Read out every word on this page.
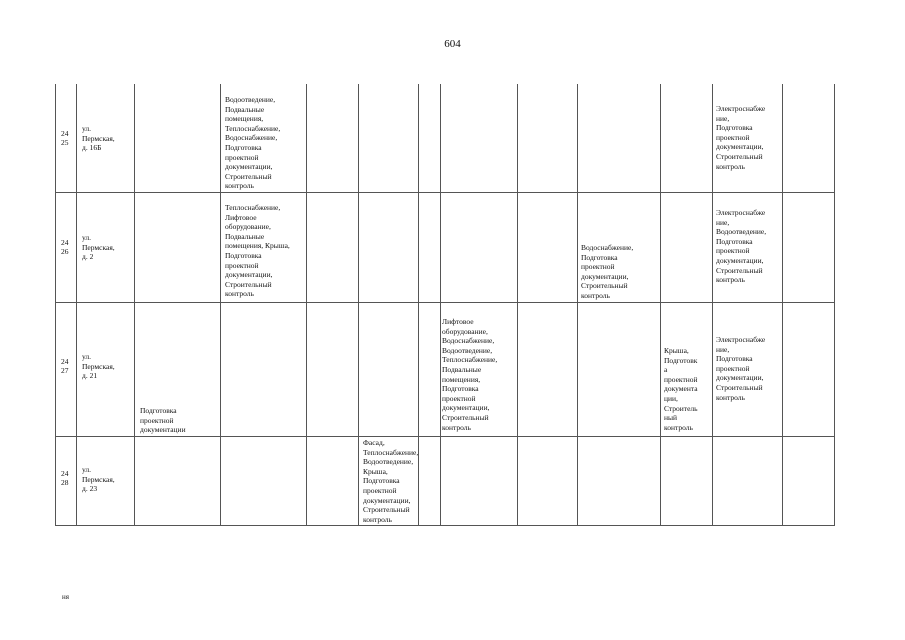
604
24
25
ул.
Пермская,
д. 16Б
Водоотведение,
Подвальные
помещения,
Теплоснабжение,
Водоснабжение,
Подготовка
проектной
документации,
Строительный
контроль
Электроснабже
ние,
Подготовка
проектной
документации,
Строительный
контроль
24
26
ул.
Пермская,
д. 2
Теплоснабжение,
Лифтовое
оборудование,
Подвальные
помещения, Крыша,
Подготовка
проектной
документации,
Строительный
контроль
Водоснабжение,
Подготовка
проектной
документации,
Строительный
контроль
Электроснабже
ние,
Водоотведение,
Подготовка
проектной
документации,
Строительный
контроль
24
27
ул.
Пермская,
д. 21
Подготовка
проектной
документации
Лифтовое
оборудование,
Водоснабжение,
Водоотведение,
Теплоснабжение,
Подвальные
помещения,
Подготовка
проектной
документации,
Строительный
контроль
Крыша,
Подготовк
а
проектной
документа
ции,
Строитель
ный
контроль
Электроснабже
ние,
Подготовка
проектной
документации,
Строительный
контроль
24
28
ул.
Пермская,
д. 23
Фасад,
Теплоснабжение,
Водоотведение,
Крыша,
Подготовка
проектной
документации,
Строительный
контроль
ня
